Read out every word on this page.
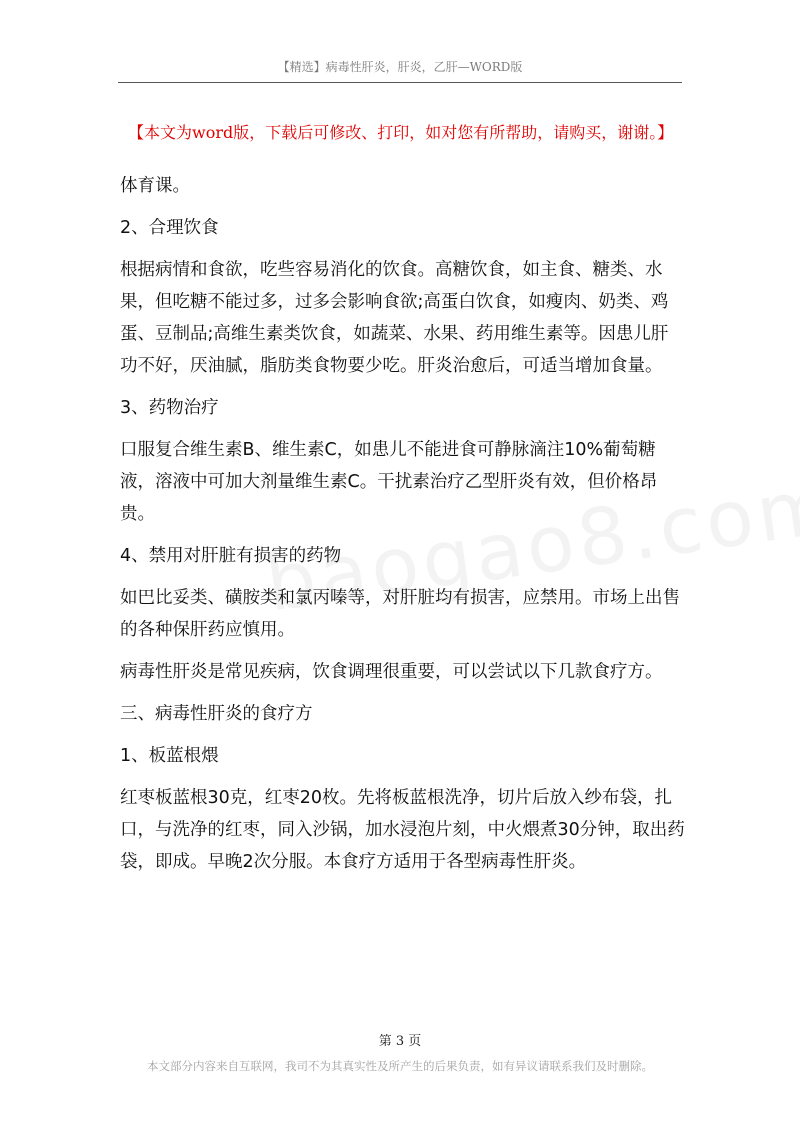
【精选】病毒性肝炎，肝炎，乙肝—WORD版
【本文为word版，下载后可修改、打印，如对您有所帮助，请购买，谢谢。】

体育课。

2、合理饮食

根据病情和食欲，吃些容易消化的饮食。高糖饮食，如主食、糖类、水果，但吃糖不能过多，过多会影响食欲;高蛋白饮食，如瘦肉、奶类、鸡蛋、豆制品;高维生素类饮食，如蔬菜、水果、药用维生素等。因患儿肝功不好，厌油腻，脂肪类食物要少吃。肝炎治愈后，可适当增加食量。

3、药物治疗

口服复合维生素B、维生素C，如患儿不能进食可静脉滴注10%葡萄糖液，溶液中可加大剂量维生素C。干扰素治疗乙型肝炎有效，但价格昂贵。

4、禁用对肝脏有损害的药物

如巴比妥类、磺胺类和氯丙嗪等，对肝脏均有损害，应禁用。市场上出售的各种保肝药应慎用。

病毒性肝炎是常见疾病，饮食调理很重要，可以尝试以下几款食疗方。

三、病毒性肝炎的食疗方

1、板蓝根煨

红枣板蓝根30克，红枣20枚。先将板蓝根洗净，切片后放入纱布袋，扎口，与洗净的红枣，同入沙锅，加水浸泡片刻，中火煨煮30分钟，取出药袋，即成。早晚2次分服。本食疗方适用于各型病毒性肝炎。

第 3 页
本文部分内容来自互联网，我司不为其真实性及所产生的后果负责，如有异议请联系我们及时删除。
